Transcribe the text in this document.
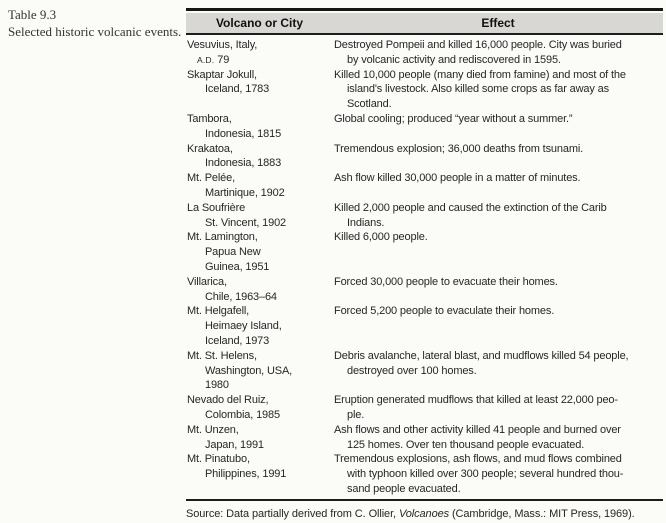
Table 9.3
Selected historic volcanic events.
Volcano or City	Effect
Vesuvius, Italy,
A.D. 79
Destroyed Pompeii and killed 16,000 people. City was buried
by volcanic activity and rediscovered in 1595.
Skaptar Jokull,
Iceland, 1783
Killed 10,000 people (many died from famine) and most of the
island's livestock. Also killed some crops as far away as
Scotland.
Tambora,
Indonesia, 1815
Global cooling; produced “year without a summer.”
Krakatoa,
Indonesia, 1883
Tremendous explosion; 36,000 deaths from tsunami.
Mt. Pelée,
Martinique, 1902
Ash flow killed 30,000 people in a matter of minutes.
La Soufrière
St. Vincent, 1902
Killed 2,000 people and caused the extinction of the Carib
Indians.
Mt. Lamington,
Papua New
Guinea, 1951
Killed 6,000 people.
Villarica,
Chile, 1963–64
Forced 30,000 people to evacuate their homes.
Mt. Helgafell,
Heimaey Island,
Iceland, 1973
Forced 5,200 people to evaculate their homes.
Mt. St. Helens,
Washington, USA,
1980
Debris avalanche, lateral blast, and mudflows killed 54 people,
destroyed over 100 homes.
Nevado del Ruiz,
Colombia, 1985
Eruption generated mudflows that killed at least 22,000 peo-
ple.
Mt. Unzen,
Japan, 1991
Ash flows and other activity killed 41 people and burned over
125 homes. Over ten thousand people evacuated.
Mt. Pinatubo,
Philippines, 1991
Tremendous explosions, ash flows, and mud flows combined
with typhoon killed over 300 people; several hundred thou-
sand people evacuated.
Source: Data partially derived from C. Ollier, Volcanoes (Cambridge, Mass.: MIT Press, 1969).
